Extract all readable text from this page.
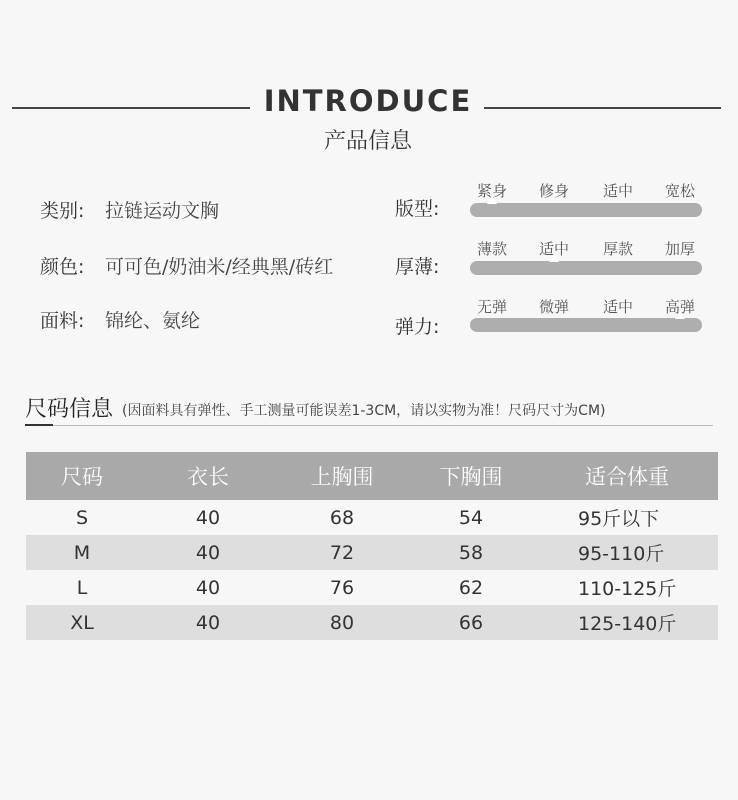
INTRODUCE
产品信息
类别: 拉链运动文胸
颜色: 可可色/奶油米/经典黑/砖红
面料: 锦纶、氨纶
版型:
紧身 修身 适中 宽松
厚薄:
薄款 适中 厚款 加厚
弹力:
无弹 微弹 适中 高弹
尺码信息 (因面料具有弹性、手工测量可能误差1-3CM，请以实物为准！尺码尺寸为CM)
尺码	衣长	上胸围	下胸围	适合体重
S	40	68	54	95斤以下
M	40	72	58	95-110斤
L	40	76	62	110-125斤
XL	40	80	66	125-140斤
